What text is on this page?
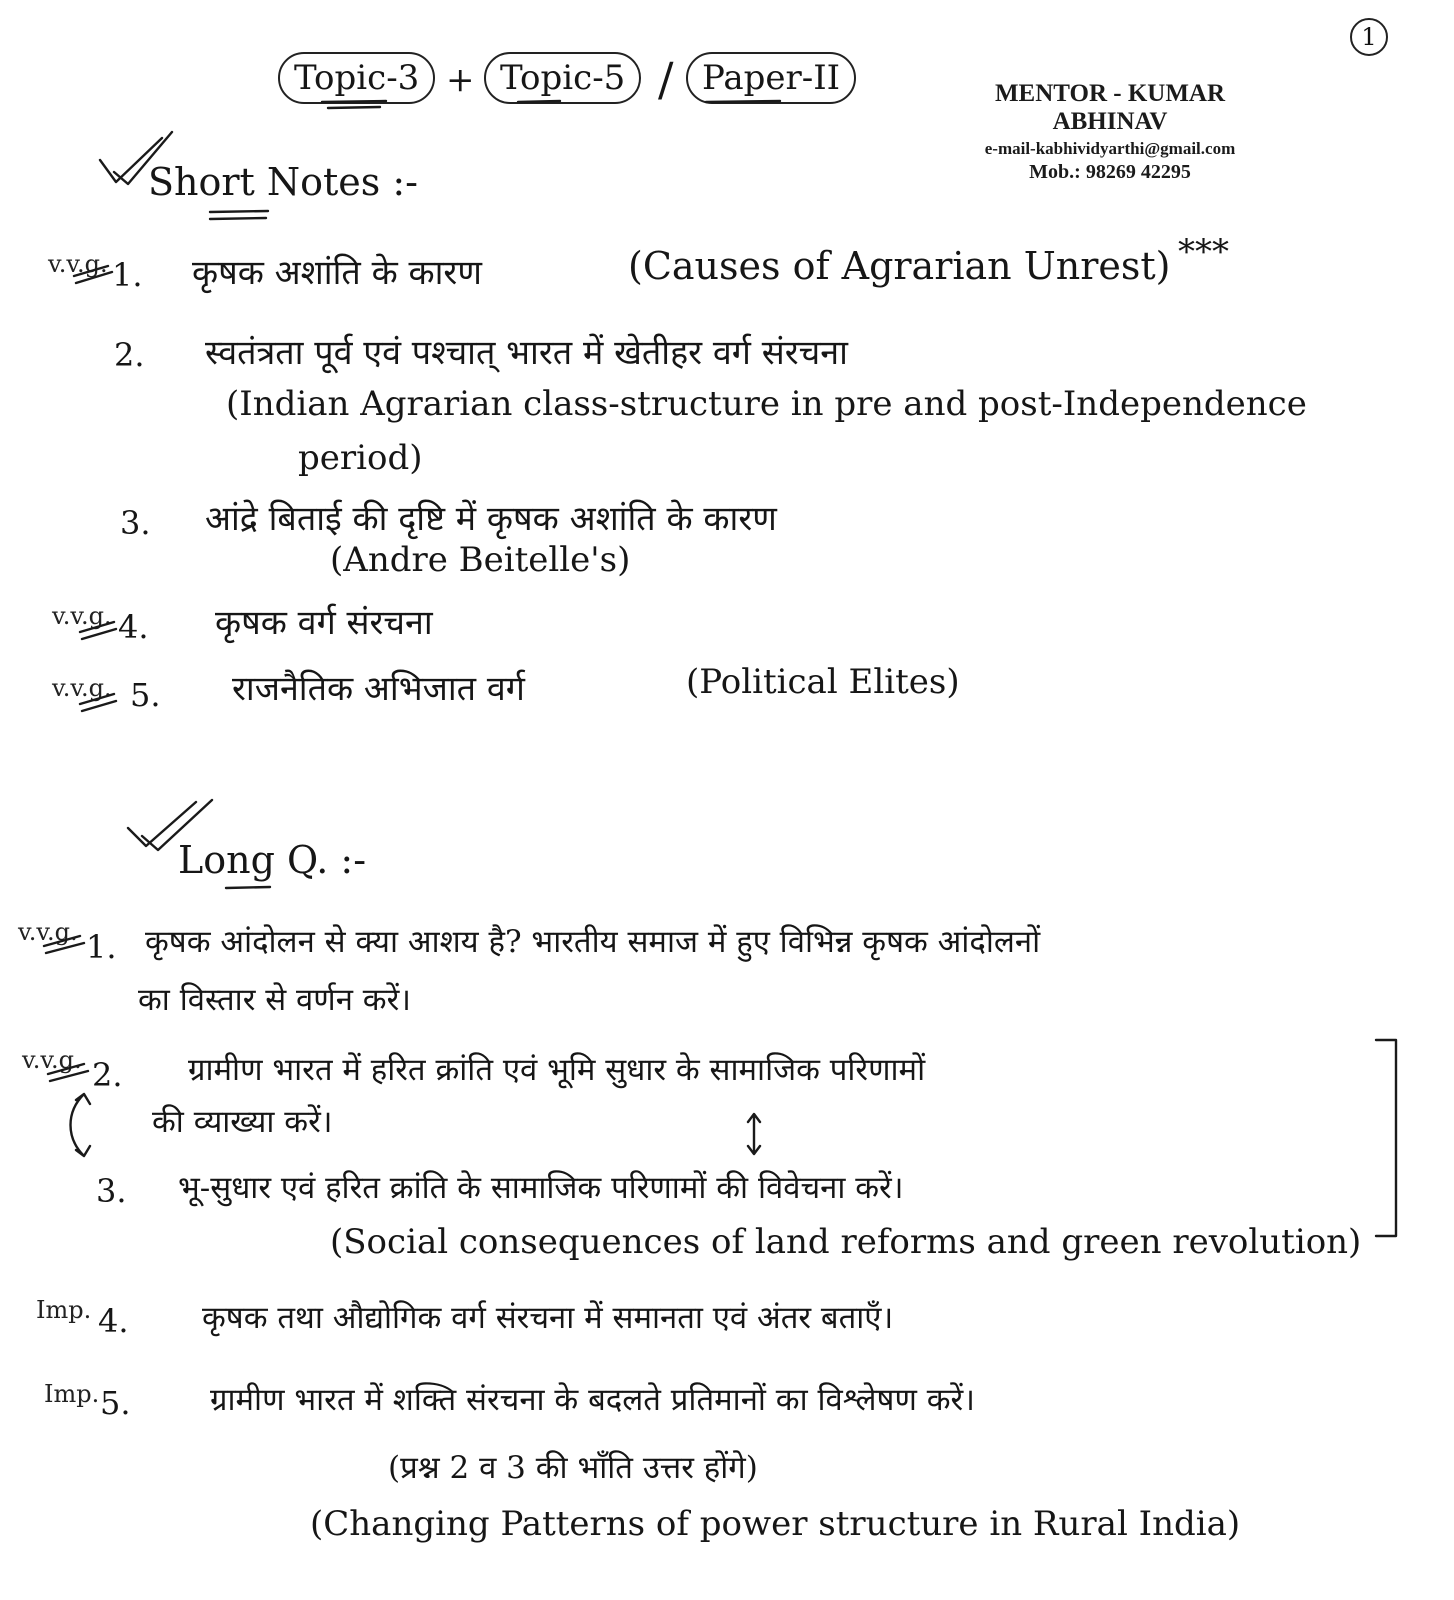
1
Topic-3 + Topic-5 / Paper-II	MENTOR - KUMAR ABHINAV
e-mail-kabhividyarthi@gmail.com
Mob.: 98269 42295
Short Notes :-
v.v.g. 1. कृषक अशांति के कारण	(Causes of Agrarian Unrest) ***
2. स्वतंत्रता पूर्व एवं पश्चात् भारत में खेतीहर वर्ग संरचना
(Indian Agrarian class-structure in pre and post-Independence
period)
3. आंद्रे बिताई की दृष्टि में कृषक अशांति के कारण
(Andre Beitelle's)
v.v.g. 4. कृषक वर्ग संरचना
v.v.g. 5. राजनैतिक अभिजात वर्ग	(Political Elites)
Long Q. :-
v.v.g. 1. कृषक आंदोलन से क्या आशय है? भारतीय समाज में हुए विभिन्न कृषक आंदोलनों
का विस्तार से वर्णन करें।
v.v.g. 2. ग्रामीण भारत में हरित क्रांति एवं भूमि सुधार के सामाजिक परिणामों
की व्याख्या करें।
3. भू-सुधार एवं हरित क्रांति के सामाजिक परिणामों की विवेचना करें।
(Social consequences of land reforms and green revolution)
Imp. 4. कृषक तथा औद्योगिक वर्ग संरचना में समानता एवं अंतर बताएँ।
Imp. 5.	ग्रामीण भारत में शक्ति संरचना के बदलते प्रतिमानों का विश्लेषण करें।
(प्रश्न 2 व 3 की भाँति उत्तर होंगे)
(Changing Patterns of power structure in Rural India)
